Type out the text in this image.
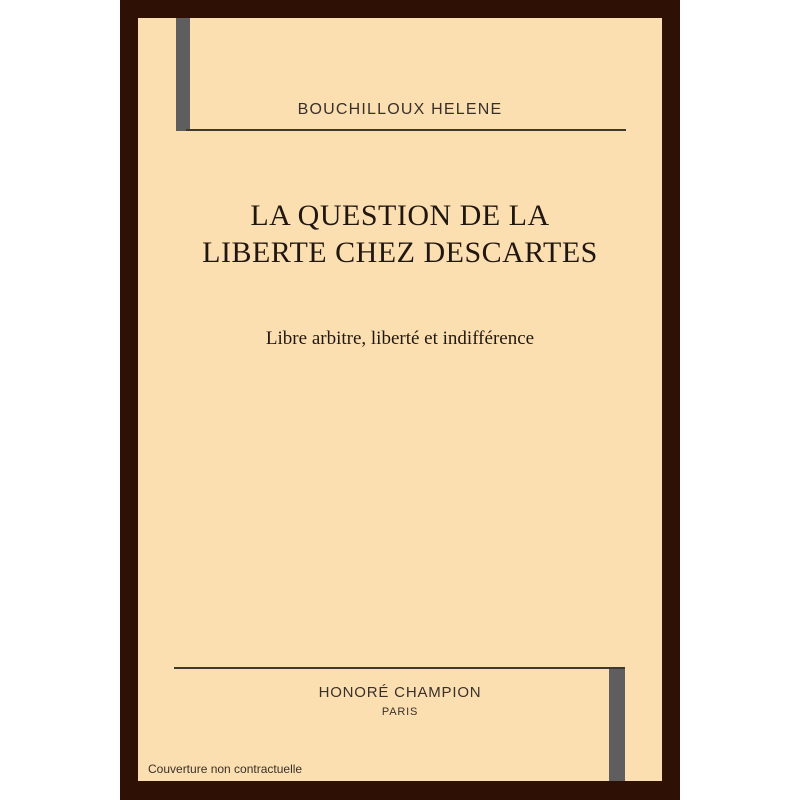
BOUCHILLOUX HELENE
LA QUESTION DE LA
LIBERTE CHEZ DESCARTES
Libre arbitre, liberté et indifférence
HONORÉ CHAMPION
PARIS
Couverture non contractuelle
